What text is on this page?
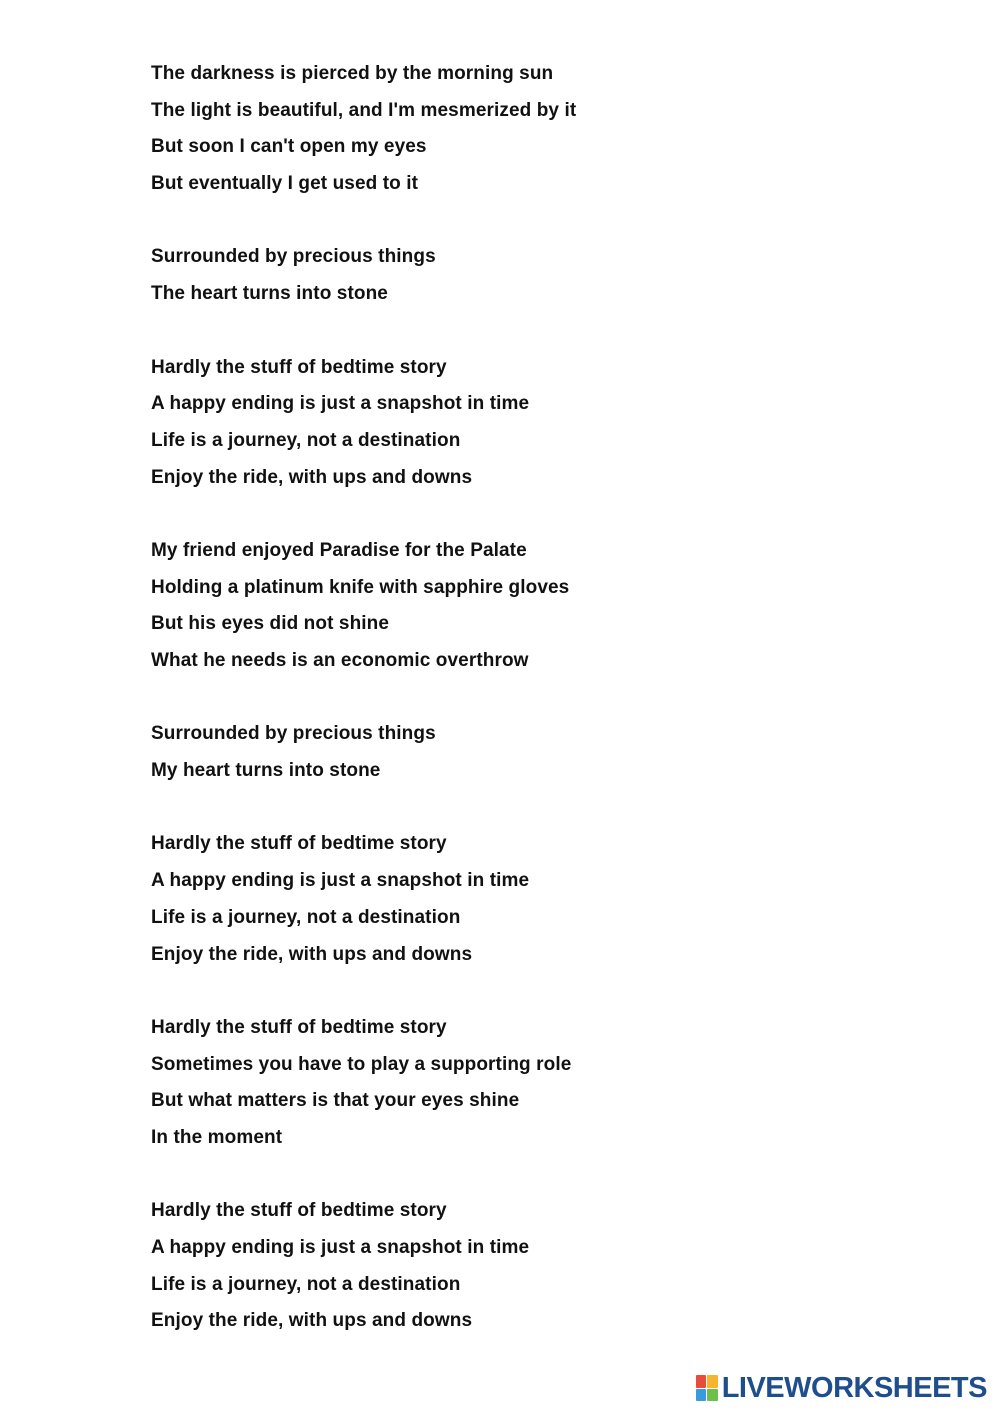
The darkness is pierced by the morning sun
The light is beautiful, and I'm mesmerized by it
But soon I can't open my eyes
But eventually I get used to it
Surrounded by precious things
The heart turns into stone
Hardly the stuff of bedtime story
A happy ending is just a snapshot in time
Life is a journey, not a destination
Enjoy the ride, with ups and downs
My friend enjoyed Paradise for the Palate
Holding a platinum knife with sapphire gloves
But his eyes did not shine
What he needs is an economic overthrow
Surrounded by precious things
My heart turns into stone
Hardly the stuff of bedtime story
A happy ending is just a snapshot in time
Life is a journey, not a destination
Enjoy the ride, with ups and downs
Hardly the stuff of bedtime story
Sometimes you have to play a supporting role
But what matters is that your eyes shine
In the moment
Hardly the stuff of bedtime story
A happy ending is just a snapshot in time
Life is a journey, not a destination
Enjoy the ride, with ups and downs
LIVEWORKSHEETS
